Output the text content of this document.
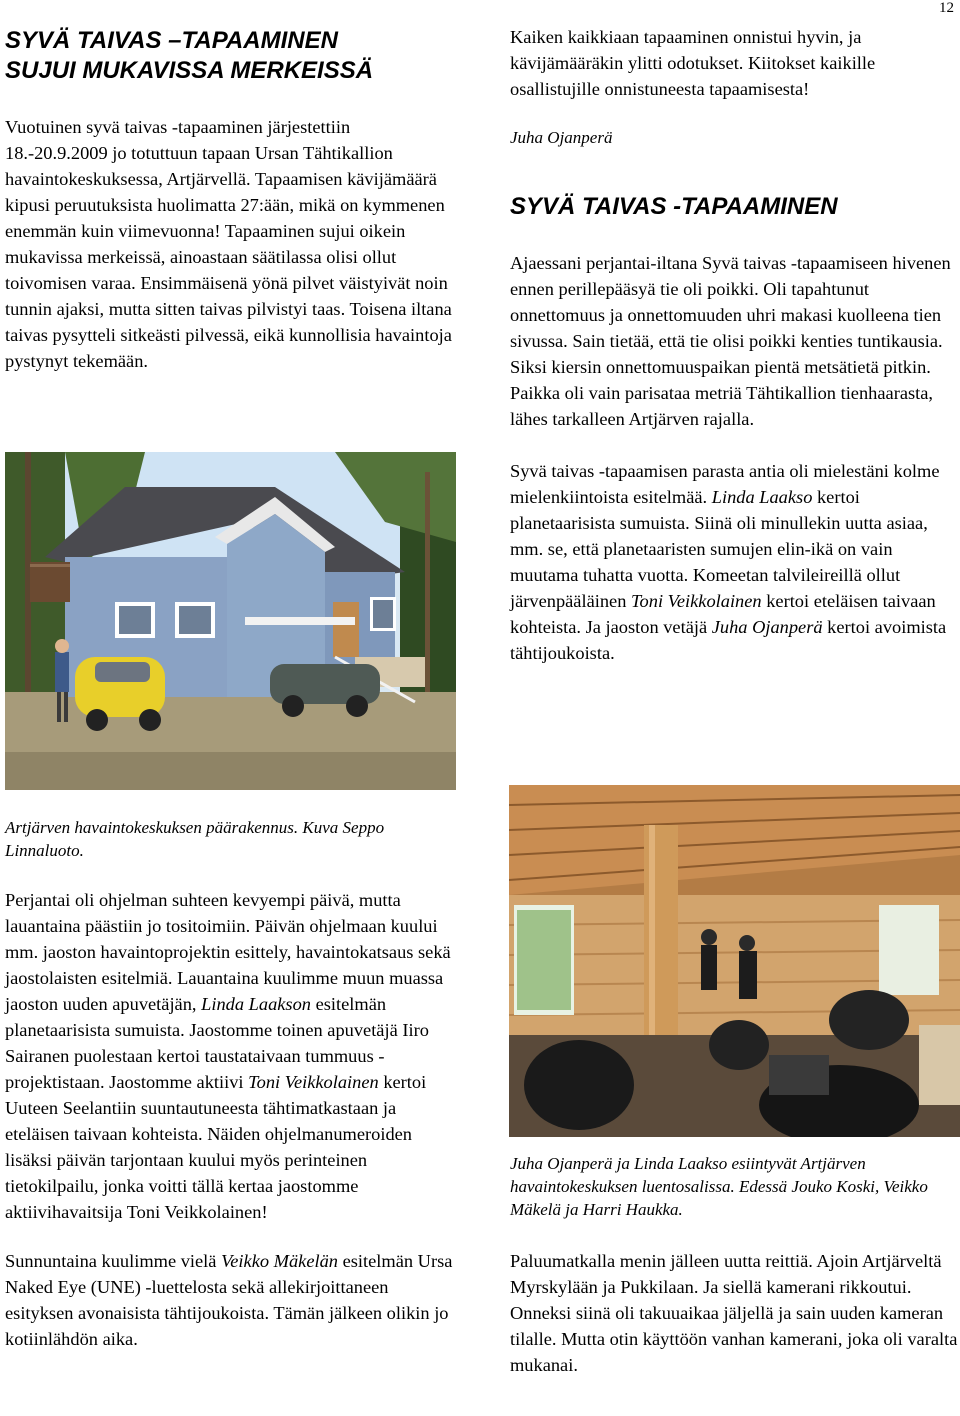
12
SYVÄ TAIVAS –TAPAAMINEN
SUJUI MUKAVISSA MERKEISSÄ

Vuotuinen syvä taivas -tapaaminen järjestettiin 18.-20.9.2009 jo totuttuun tapaan Ursan Tähtikallion havaintokeskuksessa, Artjärvellä. Tapaamisen kävijämäärä kipusi peruutuksista huolimatta 27:ään, mikä on kymmenen enemmän kuin viimevuonna! Tapaaminen sujui oikein mukavissa merkeissä, ainoastaan säätilassa olisi ollut toivomisen varaa. Ensimmäisenä yönä pilvet väistyivät noin tunnin ajaksi, mutta sitten taivas pilvistyi taas. Toisena iltana taivas pysytteli sitkeästi pilvessä, eikä kunnollisia havaintoja pystynyt tekemään.

Artjärven havaintokeskuksen päärakennus. Kuva Seppo Linnaluoto.

Perjantai oli ohjelman suhteen kevyempi päivä, mutta lauantaina päästiin jo tositoimiin. Päivän ohjelmaan kuului mm. jaoston havaintoprojektin esittely, havaintokatsaus sekä jaostolaisten esitelmiä. Lauantaina kuulimme muun muassa jaoston uuden apuvetäjän, Linda Laakson esitelmän planetaarisista sumuista. Jaostomme toinen apuvetäjä Iiro Sairanen puolestaan kertoi taustataivaan tummuus -projektistaan. Jaostomme aktiivi Toni Veikkolainen kertoi Uuteen Seelantiin suuntautuneesta tähtimatkastaan ja eteläisen taivaan kohteista. Näiden ohjelmanumeroiden lisäksi päivän tarjontaan kuului myös perinteinen tietokilpailu, jonka voitti tällä kertaa jaostomme aktiivihavaitsija Toni Veikkolainen!

Sunnuntaina kuulimme vielä Veikko Mäkelän esitelmän Ursa Naked Eye (UNE) -luettelosta sekä allekirjoittaneen esityksen avonaisista tähtijoukoista. Tämän jälkeen olikin jo kotiinlähdön aika.

Kaiken kaikkiaan tapaaminen onnistui hyvin, ja kävijämääräkin ylitti odotukset. Kiitokset kaikille osallistujille onnistuneesta tapaamisesta!

Juha Ojanperä

SYVÄ TAIVAS -TAPAAMINEN

Ajaessani perjantai-iltana Syvä taivas -tapaamiseen hivenen ennen perillepääsyä tie oli poikki. Oli tapahtunut onnettomuus ja onnettomuuden uhri makasi kuolleena tien sivussa. Sain tietää, että tie olisi poikki kenties tuntikausia. Siksi kiersin onnettomuuspaikan pientä metsätietä pitkin. Paikka oli vain parisataa metriä Tähtikallion tienhaarasta, lähes tarkalleen Artjärven rajalla.

Syvä taivas -tapaamisen parasta antia oli mielestäni kolme mielenkiintoista esitelmää. Linda Laakso kertoi planetaarisista sumuista. Siinä oli minullekin uutta asiaa, mm. se, että planetaaristen sumujen elin-ikä on vain muutama tuhatta vuotta. Komeetan talvileireillä ollut järvenpääläinen Toni Veikkolainen kertoi eteläisen taivaan kohteista. Ja jaoston vetäjä Juha Ojanperä kertoi avoimista tähtijoukoista.

Juha Ojanperä ja Linda Laakso esiintyvät Artjärven havaintokeskuksen luentosalissa. Edessä Jouko Koski, Veikko Mäkelä ja Harri Haukka.

Paluumatkalla menin jälleen uutta reittiä. Ajoin Artjärveltä Myrskylään ja Pukkilaan. Ja siellä kamerani rikkoutui. Onneksi siinä oli takuuaikaa jäljellä ja sain uuden kameran tilalle. Mutta otin käyttöön vanhan kamerani, joka oli varalta mukanai.
